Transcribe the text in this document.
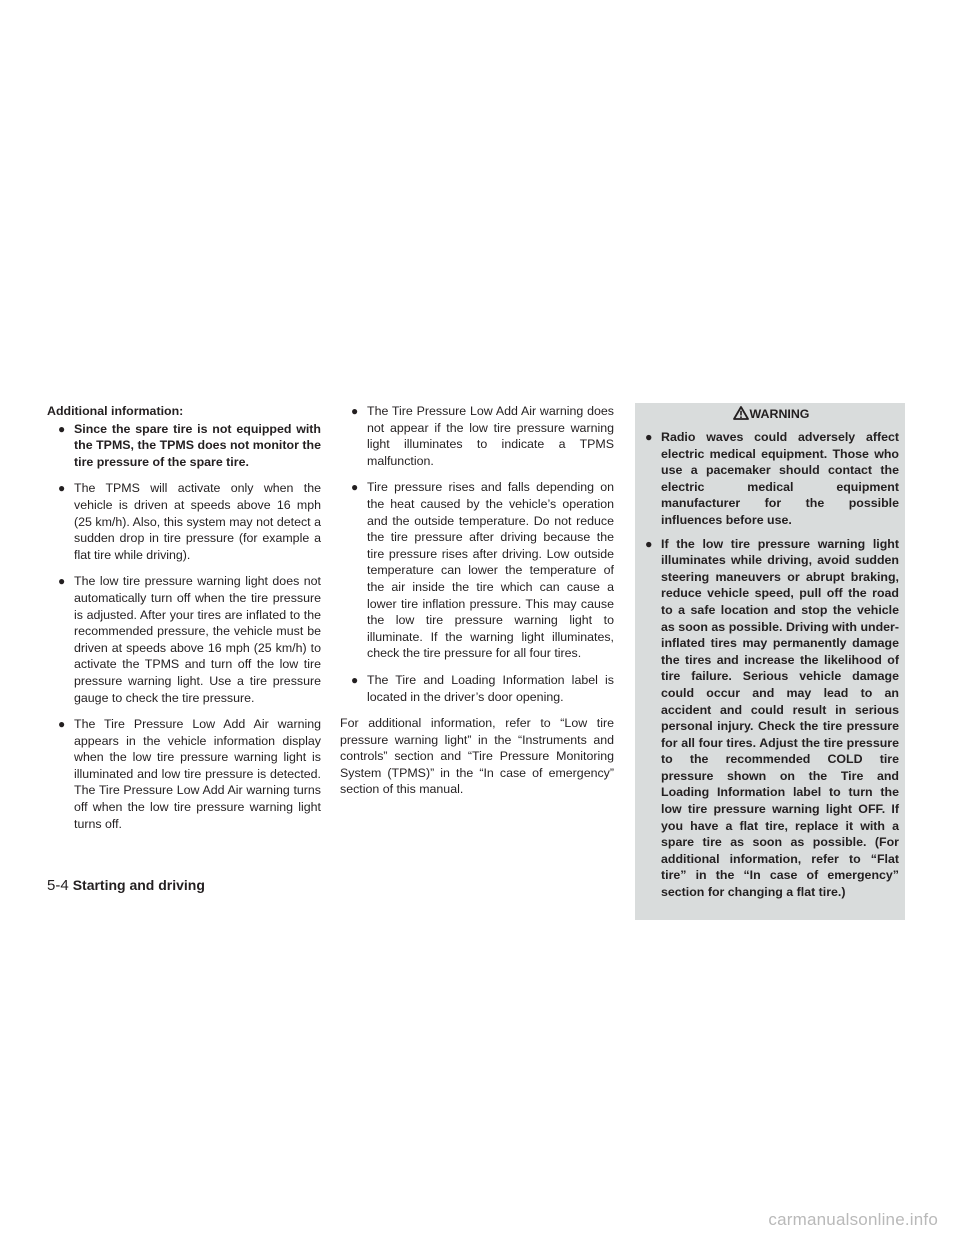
Additional information:

● Since the spare tire is not equipped with the TPMS, the TPMS does not monitor the tire pressure of the spare tire.
● The TPMS will activate only when the vehicle is driven at speeds above 16 mph (25 km/h). Also, this system may not detect a sudden drop in tire pressure (for example a flat tire while driving).
● The low tire pressure warning light does not automatically turn off when the tire pressure is adjusted. After your tires are inflated to the recommended pressure, the vehicle must be driven at speeds above 16 mph (25 km/h) to activate the TPMS and turn off the low tire pressure warning light. Use a tire pressure gauge to check the tire pressure.
● The Tire Pressure Low Add Air warning appears in the vehicle information display when the low tire pressure warning light is illuminated and low tire pressure is detected. The Tire Pressure Low Add Air warning turns off when the low tire pressure warning light turns off.
● The Tire Pressure Low Add Air warning does not appear if the low tire pressure warning light illuminates to indicate a TPMS malfunction.
● Tire pressure rises and falls depending on the heat caused by the vehicle’s operation and the outside temperature. Do not reduce the tire pressure after driving because the tire pressure rises after driving. Low outside temperature can lower the temperature of the air inside the tire which can cause a lower tire inflation pressure. This may cause the low tire pressure warning light to illuminate. If the warning light illuminates, check the tire pressure for all four tires.
● The Tire and Loading Information label is located in the driver’s door opening.

For additional information, refer to “Low tire pressure warning light” in the “Instruments and controls” section and “Tire Pressure Monitoring System (TPMS)” in the “In case of emergency” section of this manual.

WARNING
● Radio waves could adversely affect electric medical equipment. Those who use a pacemaker should contact the electric medical equipment manufacturer for the possible influences before use.
● If the low tire pressure warning light illuminates while driving, avoid sudden steering maneuvers or abrupt braking, reduce vehicle speed, pull off the road to a safe location and stop the vehicle as soon as possible. Driving with under-inflated tires may permanently damage the tires and increase the likelihood of tire failure. Serious vehicle damage could occur and may lead to an accident and could result in serious personal injury. Check the tire pressure for all four tires. Adjust the tire pressure to the recommended COLD tire pressure shown on the Tire and Loading Information label to turn the low tire pressure warning light OFF. If you have a flat tire, replace it with a spare tire as soon as possible. (For additional information, refer to “Flat tire” in the “In case of emergency” section for changing a flat tire.)
5-4 Starting and driving
carmanualsonline.info
